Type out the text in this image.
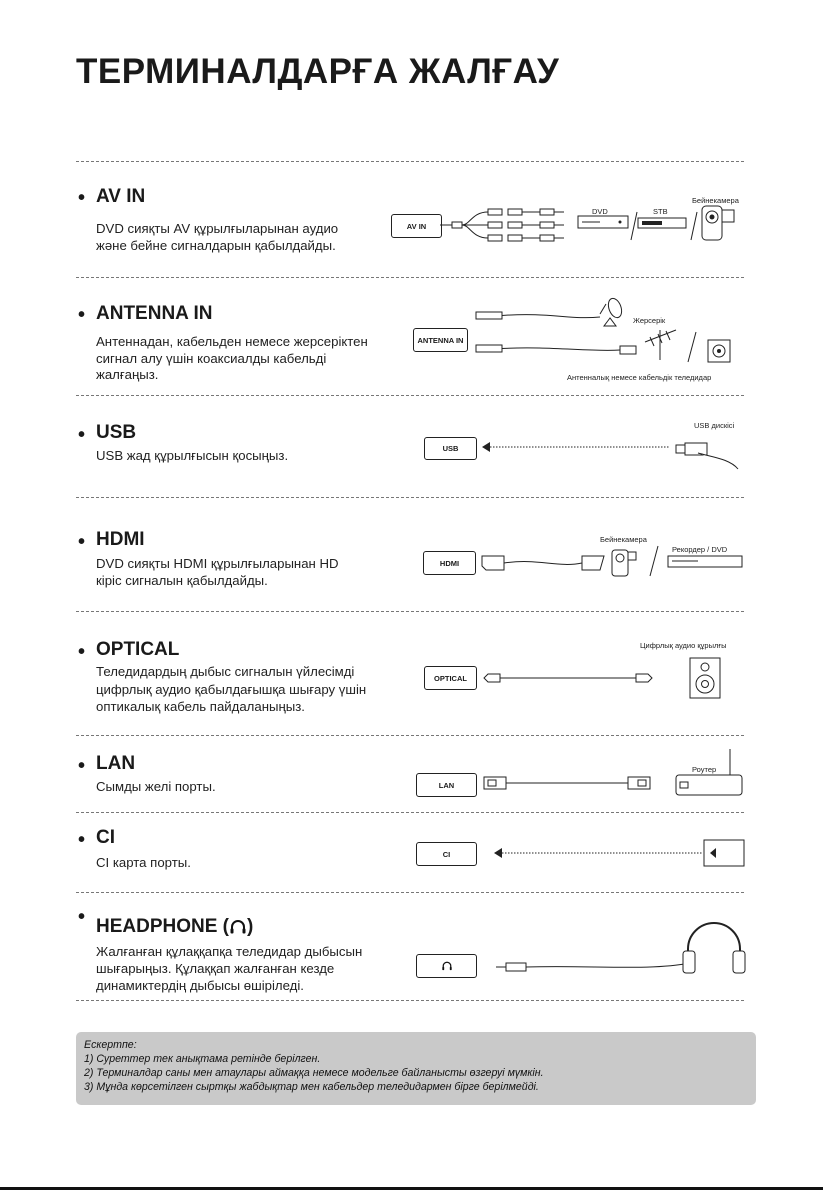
ТЕРМИНАЛДАРҒА ЖАЛҒАУ
• AV IN
DVD сияқты AV құрылғыларынан аудио
және бейне сигналдарын қабылдайды.
AV IN
DVD	STB
Бейнекамера
• ANTENNA IN
Антеннадан, кабельден немесе жерсеріктен
сигнал алу үшін коаксиалды кабельді
жалғаңыз.
ANTENNA IN
Жерсерік
Антенналық немесе кабельдік теледидар
• USB
USB жад құрылғысын қосыңыз.	USB
USB дискісі
• HDMI
DVD сияқты HDMI құрылғыларынан HD
кіріс сигналын қабылдайды.
HDMI
Бейнекамера
Рекордер / DVD
• OPTICAL
Теледидардың дыбыс сигналын үйлесімді
цифрлық аудио қабылдағышқа шығару үшін
оптикалық кабель пайдаланыңыз.
OPTICAL
Цифрлық аудио құрылғы
• LAN
Сымды желі порты.	LAN
Роутер
• CI
CI карта порты.
CI
• HEADPHONE ( )
Жалғанған құлаққапқа теледидар дыбысын
шығарыңыз. Құлаққап жалғанған кезде
динамиктердің дыбысы өшіріледі.
Ескертпе:
1) Суреттер тек анықтама ретінде берілген.
2) Терминалдар саны мен атаулары аймаққа немесе модельге байланысты өзгеруі мүмкін.
3) Мұнда көрсетілген сыртқы жабдықтар мен кабельдер теледидармен бірге берілмейді.
